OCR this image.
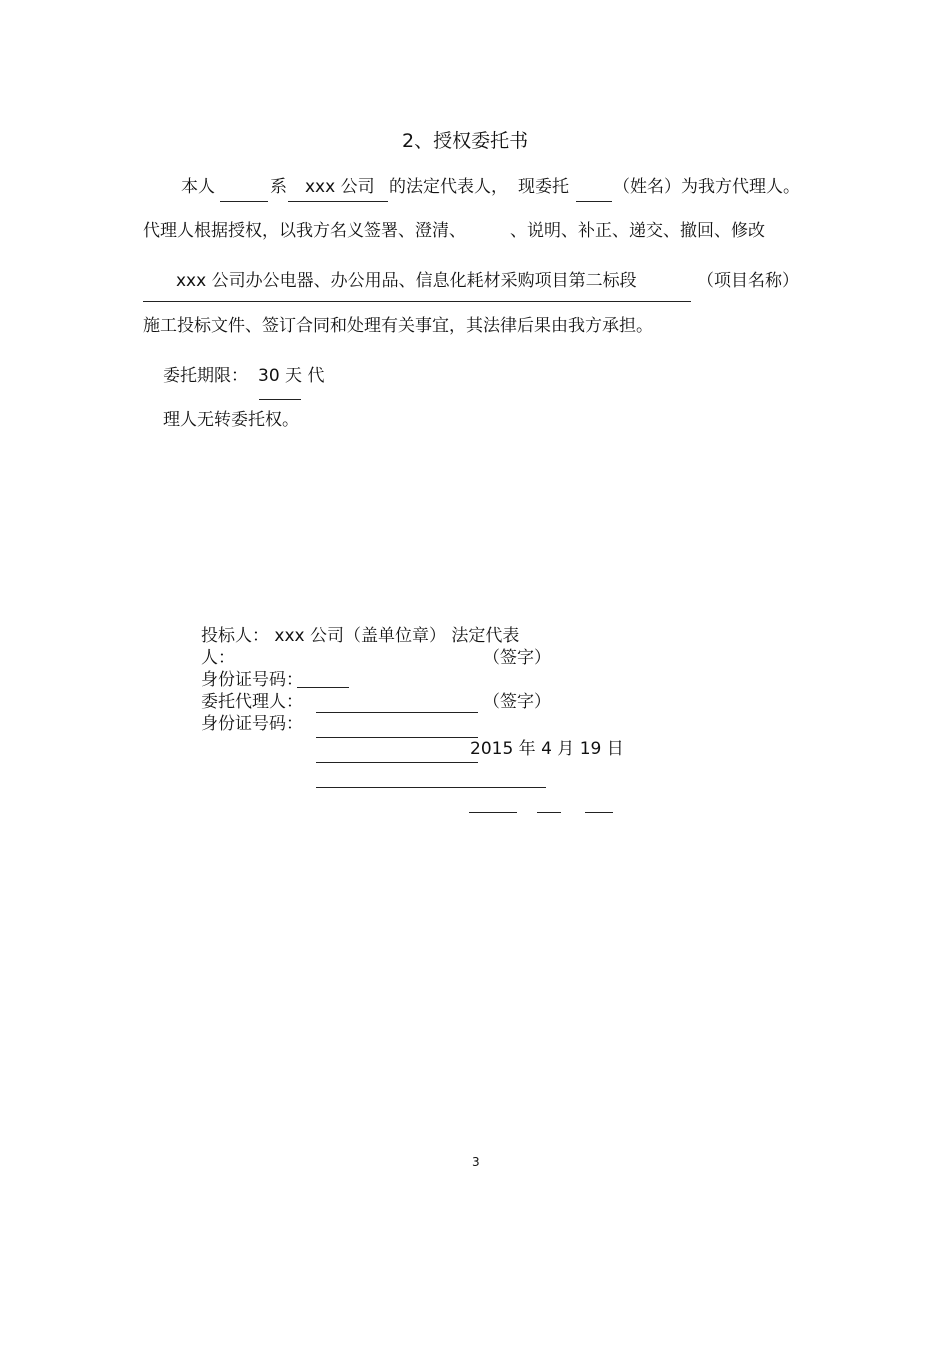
2、授权委托书
本人	系 xxx 公司 的法定代表人， 现委托	（姓名）为我方代理人。
代理人根据授权，以我方名义签署、澄清、	、说明、补正、递交、撤回、修改
xxx 公司办公电器、办公用品、信息化耗材采购项目第二标段	（项目名称）
施工投标文件、签订合同和处理有关事宜，其法律后果由我方承担。
委托期限： 30 天 代
理人无转委托权。
投标人： xxx 公司（盖单位章） 法定代表
人：	（签字）
身份证号码：
委托代理人：	（签字）
身份证号码：
2015 年 4 月 19 日
3
